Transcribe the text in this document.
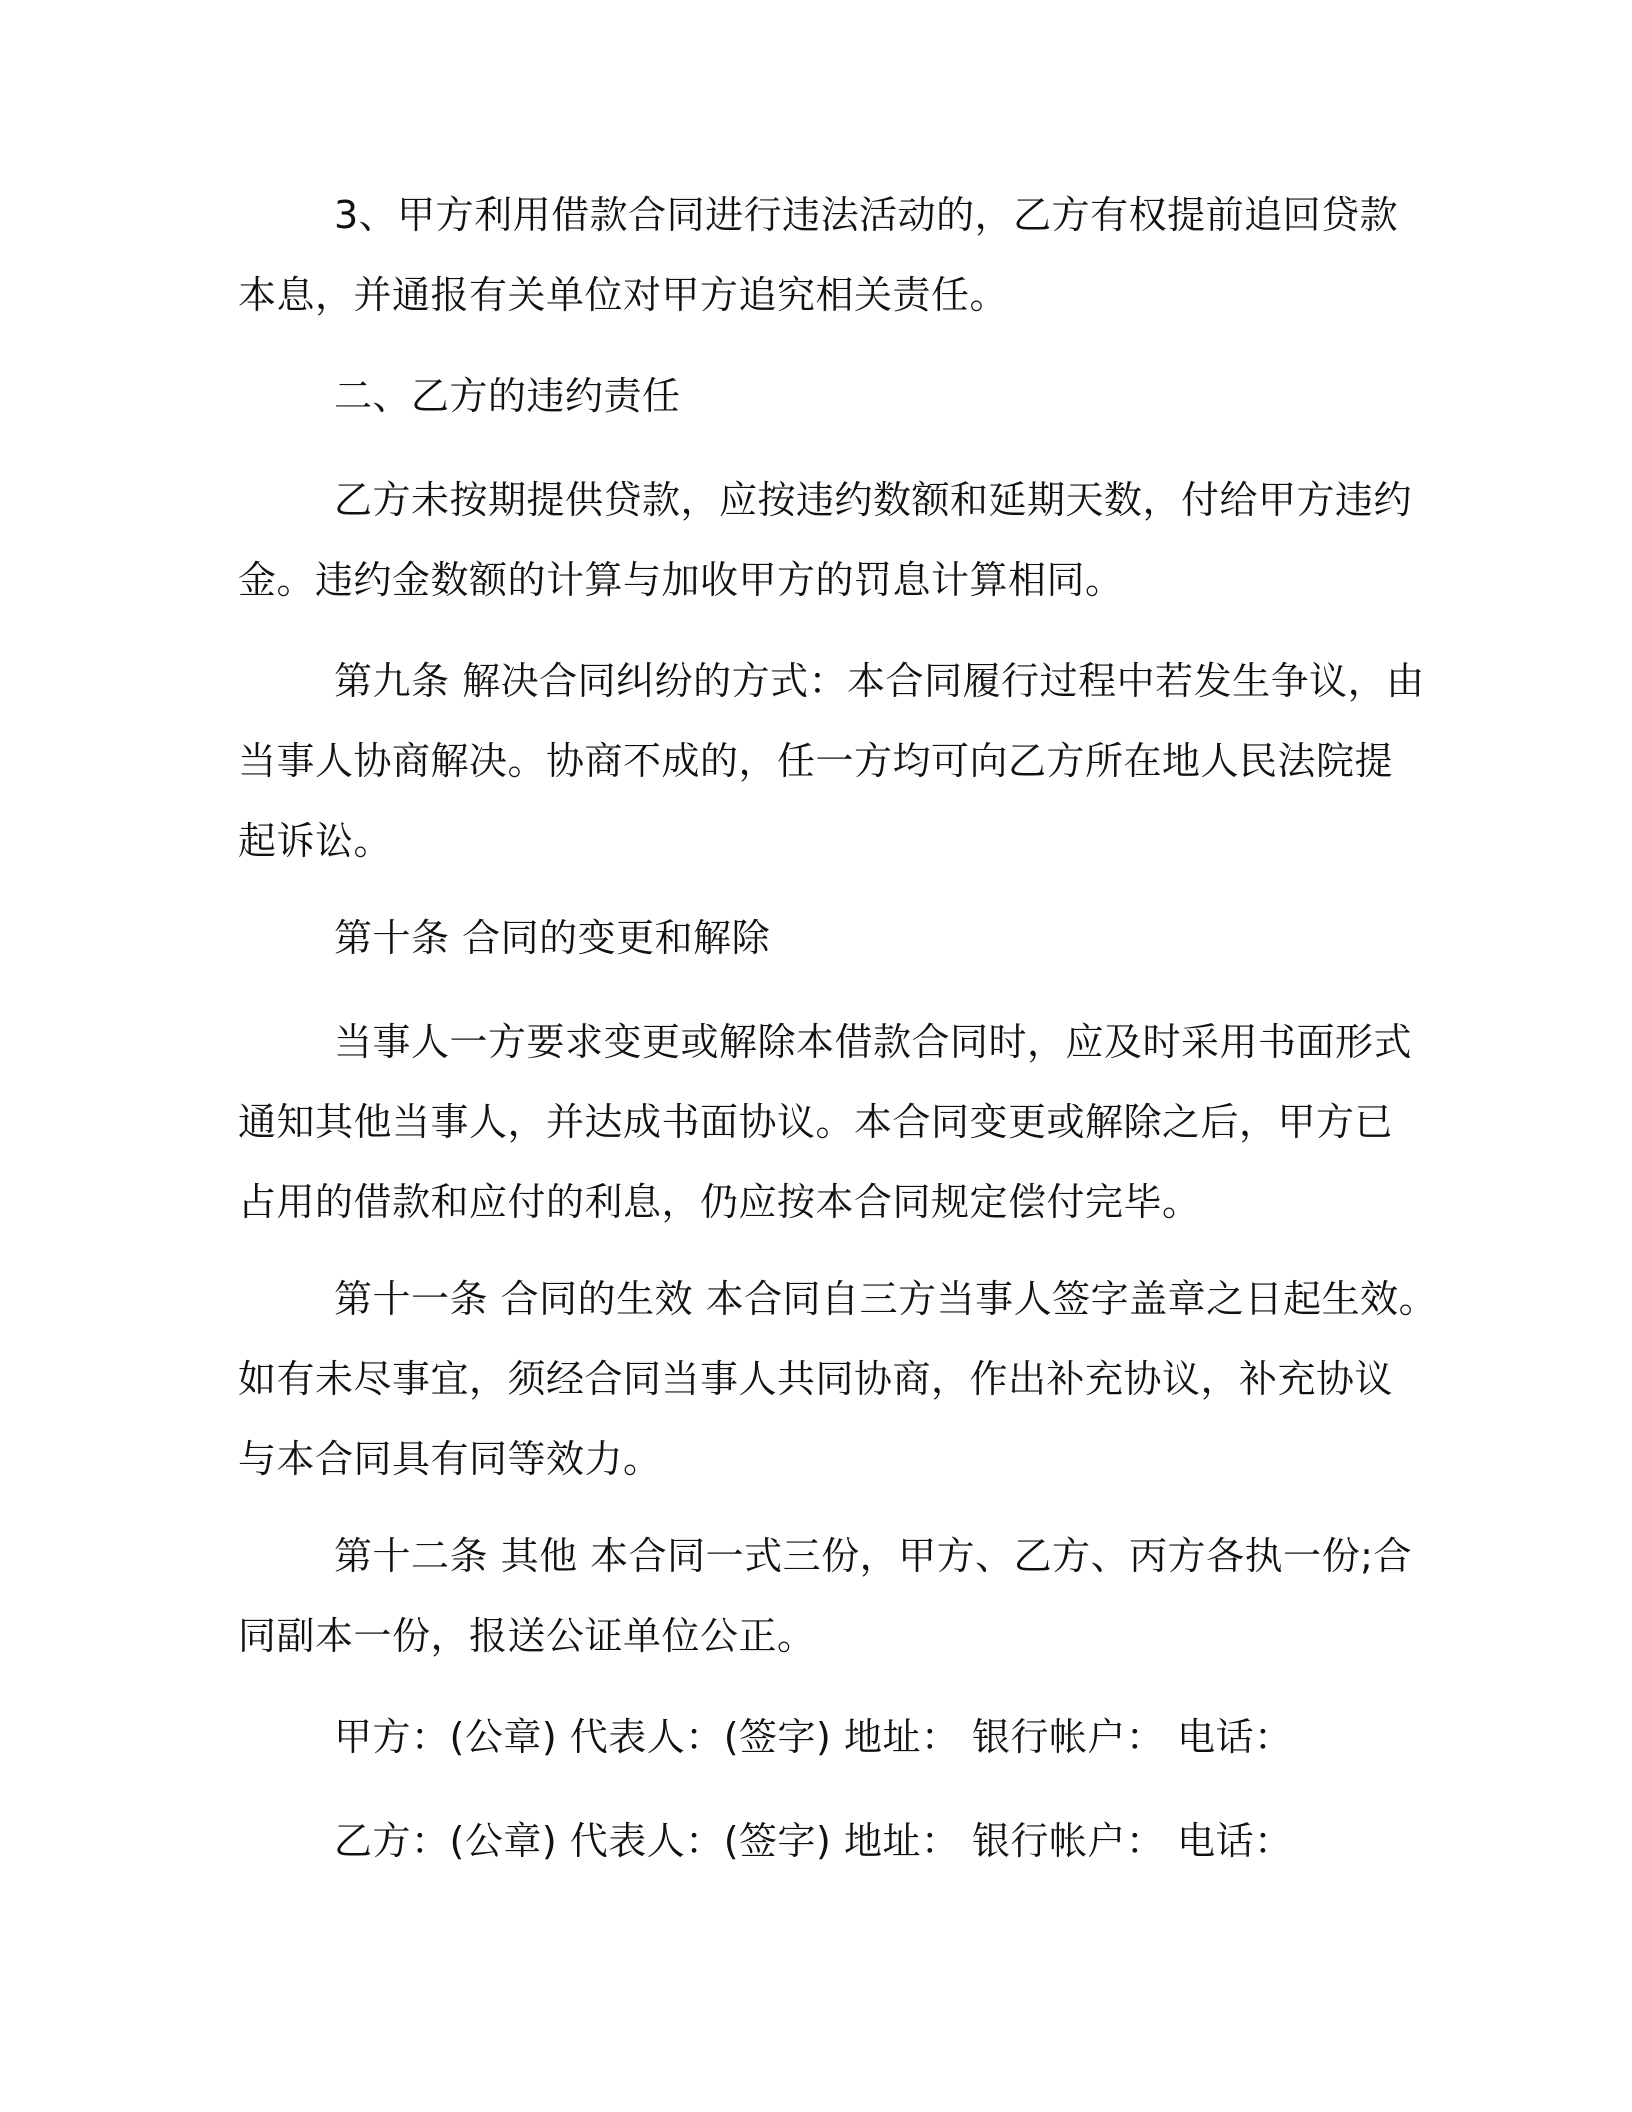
3、甲方利用借款合同进行违法活动的，乙方有权提前追回贷款
本息，并通报有关单位对甲方追究相关责任。
二、乙方的违约责任
乙方未按期提供贷款，应按违约数额和延期天数，付给甲方违约
金。违约金数额的计算与加收甲方的罚息计算相同。
第九条 解决合同纠纷的方式：本合同履行过程中若发生争议，由
当事人协商解决。协商不成的，任一方均可向乙方所在地人民法院提
起诉讼。
第十条 合同的变更和解除
当事人一方要求变更或解除本借款合同时，应及时采用书面形式
通知其他当事人，并达成书面协议。本合同变更或解除之后，甲方已
占用的借款和应付的利息，仍应按本合同规定偿付完毕。
第十一条 合同的生效 本合同自三方当事人签字盖章之日起生效。
如有未尽事宜，须经合同当事人共同协商，作出补充协议，补充协议
与本合同具有同等效力。
第十二条 其他 本合同一式三份，甲方、乙方、丙方各执一份;合
同副本一份，报送公证单位公正。
甲方：(公章) 代表人：(签字) 地址： 银行帐户： 电话：
乙方：(公章) 代表人：(签字) 地址： 银行帐户： 电话：
